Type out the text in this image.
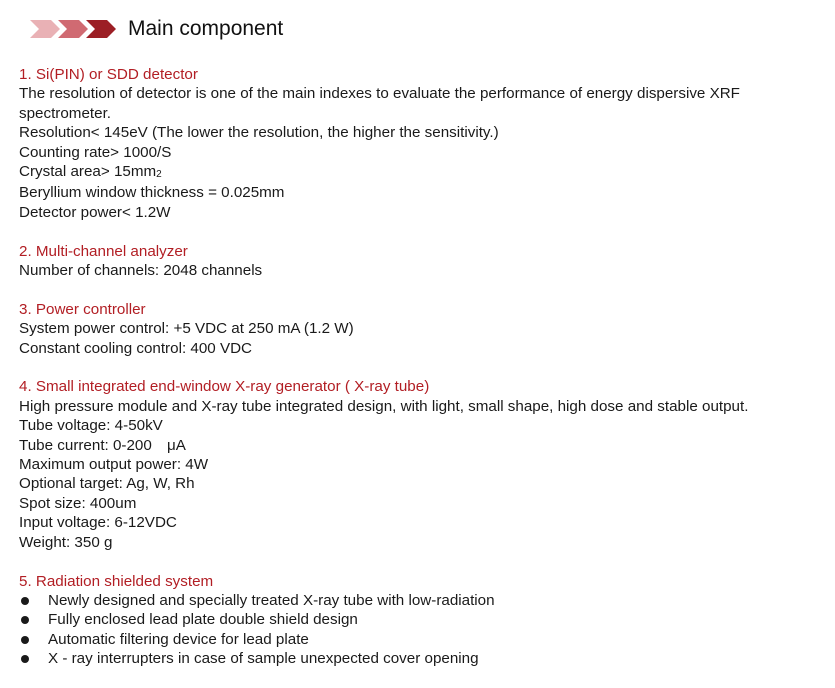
Main component
1. Si(PIN) or SDD detector
The resolution of detector is one of the main indexes to evaluate the performance of energy dispersive XRF spectrometer.
Resolution< 145eV (The lower the resolution, the higher the sensitivity.)
Counting rate> 1000/S
Crystal area> $15mm_2$
Beryllium window thickness = 0.025mm
Detector power< 1.2W
2. Multi-channel analyzer
Number of channels: 2048 channels
3. Power controller
System power control: +5 VDC at 250 mA (1.2 W)
Constant cooling control: 400 VDC
4. Small integrated end-window X-ray generator ( X-ray tube)
High pressure module and X-ray tube integrated design, with light, small shape, high dose and stable output.
Tube voltage: 4-50kV
Tube current: 0-200　μA
Maximum output power: 4W
Optional target: Ag, W, Rh
Spot size: 400um
Input voltage: 6-12VDC
Weight: 350 g
5. Radiation shielded system
Newly designed and specially treated X-ray tube with low-radiation
Fully enclosed lead plate double shield design
Automatic filtering device for lead plate
X - ray interrupters in case of sample unexpected cover opening
